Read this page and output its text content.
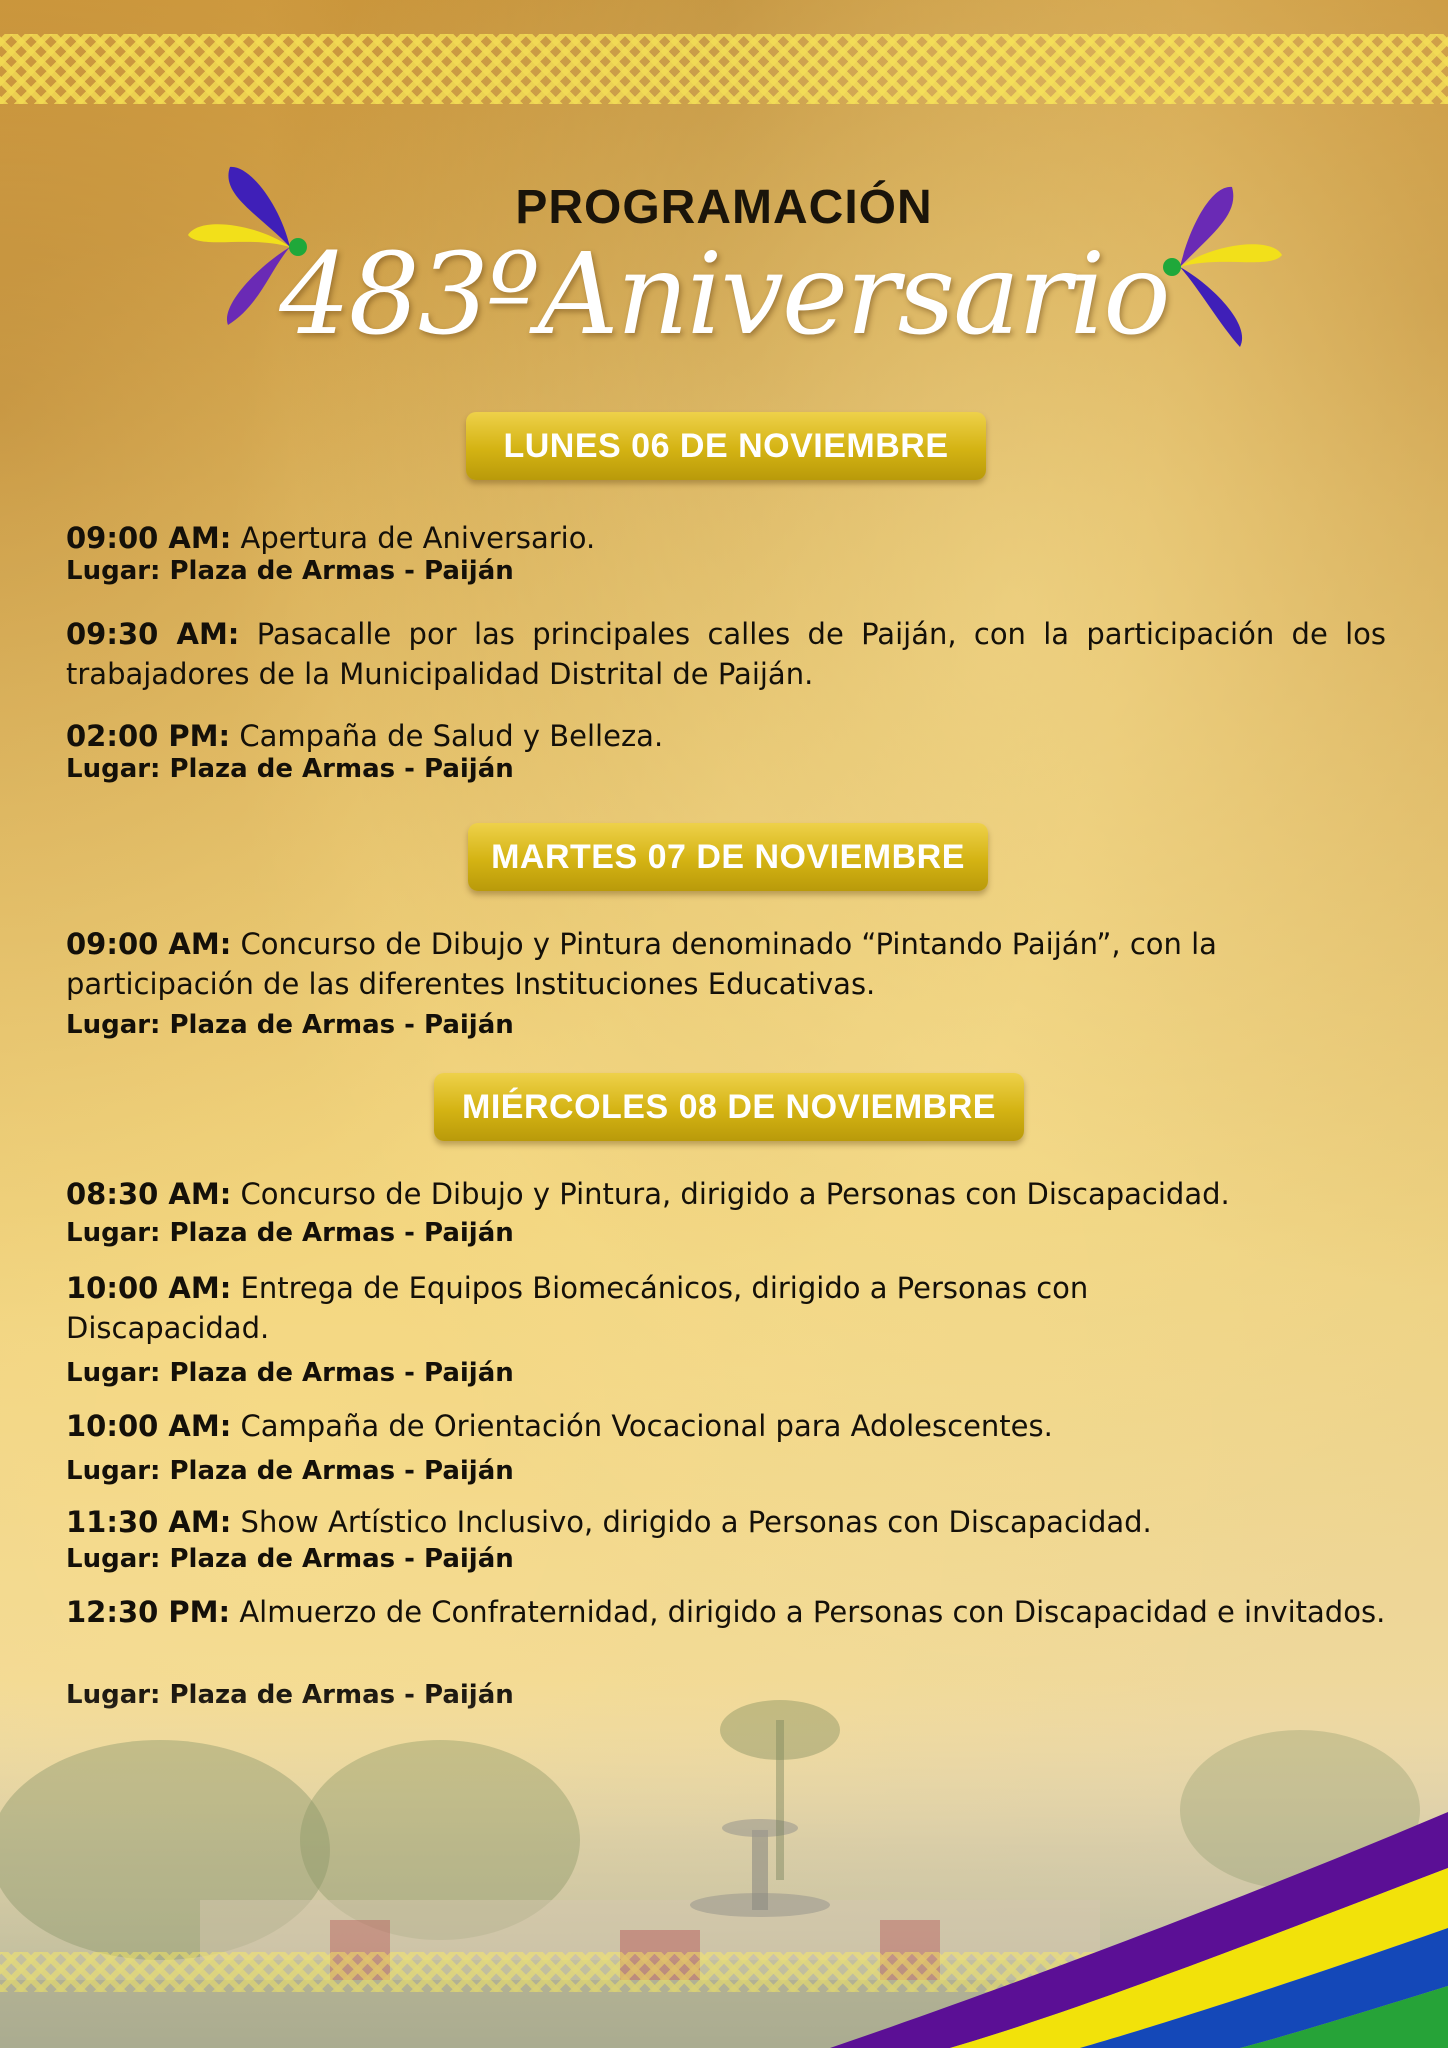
PROGRAMACIÓN
483ºAniversario
LUNES 06 DE NOVIEMBRE
09:00 AM: Apertura de Aniversario.
Lugar: Plaza de Armas - Paiján
09:30 AM: Pasacalle por las principales calles de Paiján, con la participación de los trabajadores de la Municipalidad Distrital de Paiján.
02:00 PM: Campaña de Salud y Belleza.
Lugar: Plaza de Armas - Paiján
MARTES 07 DE NOVIEMBRE
09:00 AM: Concurso de Dibujo y Pintura denominado “Pintando Paiján”, con la participación de las diferentes Instituciones Educativas.
Lugar: Plaza de Armas - Paiján
MIÉRCOLES 08 DE NOVIEMBRE
08:30 AM: Concurso de Dibujo y Pintura, dirigido a Personas con Discapacidad.
Lugar: Plaza de Armas - Paiján
10:00 AM: Entrega de Equipos Biomecánicos, dirigido a Personas con Discapacidad.
Lugar: Plaza de Armas - Paiján
10:00 AM: Campaña de Orientación Vocacional para Adolescentes.
Lugar: Plaza de Armas - Paiján
11:30 AM: Show Artístico Inclusivo, dirigido a Personas con Discapacidad.
Lugar: Plaza de Armas - Paiján
12:30 PM: Almuerzo de Confraternidad, dirigido a Personas con Discapacidad e invitados.
